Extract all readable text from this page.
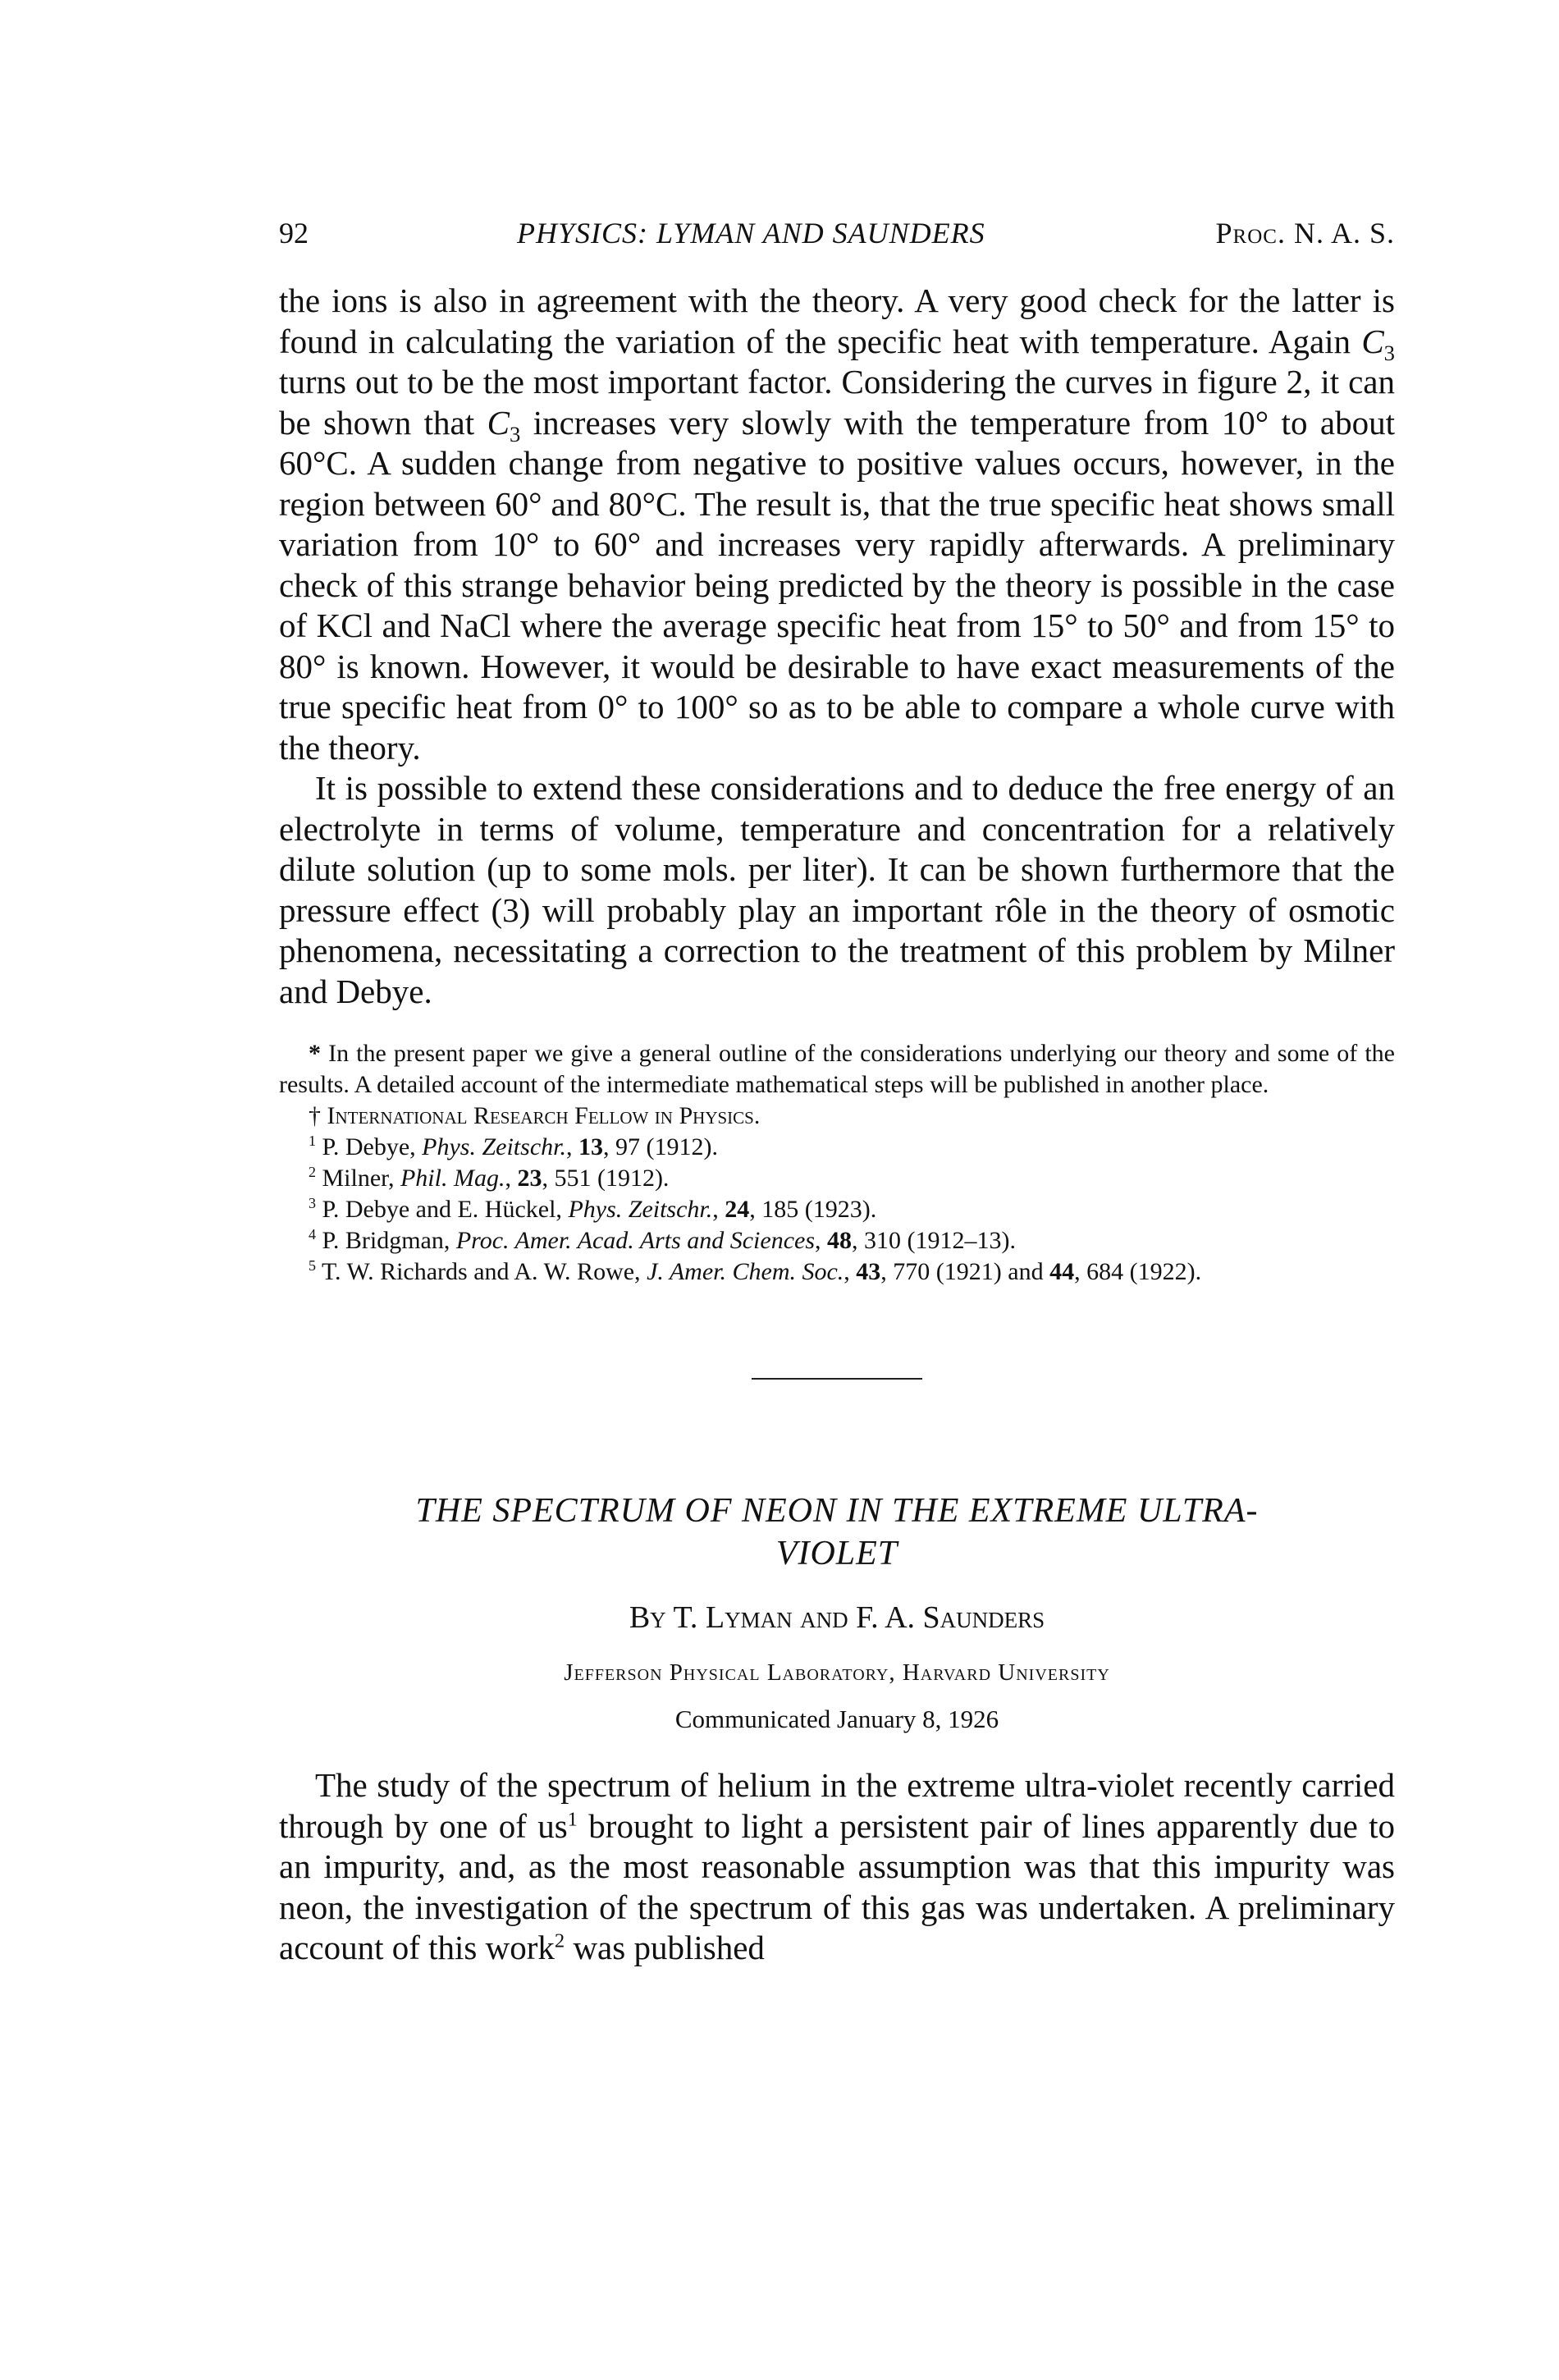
92	PHYSICS: LYMAN AND SAUNDERS	Proc. N. A. S.

the ions is also in agreement with the theory. A very good check for the latter is found in calculating the variation of the specific heat with temperature. Again $C_3$ turns out to be the most important factor. Considering the curves in figure 2, it can be shown that $C_3$ increases very slowly with the temperature from 10° to about 60°C. A sudden change from negative to positive values occurs, however, in the region between 60° and 80°C. The result is, that the true specific heat shows small variation from 10° to 60° and increases very rapidly afterwards. A preliminary check of this strange behavior being predicted by the theory is possible in the case of KCl and NaCl where the average specific heat from 15° to 50° and from 15° to 80° is known. However, it would be desirable to have exact measurements of the true specific heat from 0° to 100° so as to be able to compare a whole curve with the theory.

It is possible to extend these considerations and to deduce the free energy of an electrolyte in terms of volume, temperature and concentration for a relatively dilute solution (up to some mols. per liter). It can be shown furthermore that the pressure effect (3) will probably play an important rôle in the theory of osmotic phenomena, necessitating a correction to the treatment of this problem by Milner and Debye.

* In the present paper we give a general outline of the considerations underlying our theory and some of the results. A detailed account of the intermediate mathematical steps will be published in another place.

† International Research Fellow in Physics.

$^1$ P. Debye, Phys. Zeitschr., 13, 97 (1912).

$^2$ Milner, Phil. Mag., 23, 551 (1912).

$^3$ P. Debye and E. Hückel, Phys. Zeitschr., 24, 185 (1923).

$^4$ P. Bridgman, Proc. Amer. Acad. Arts and Sciences, 48, 310 (1912–13).

$^5$ T. W. Richards and A. W. Rowe, J. Amer. Chem. Soc., 43, 770 (1921) and 44, 684 (1922).

THE SPECTRUM OF NEON IN THE EXTREME ULTRA-
VIOLET
By T. Lyman and F. A. Saunders
Jefferson Physical Laboratory, Harvard University
Communicated January 8, 1926

The study of the spectrum of helium in the extreme ultra-violet recently carried through by one of $us^1$ brought to light a persistent pair of lines apparently due to an impurity, and, as the most reasonable assumption was that this impurity was neon, the investigation of the spectrum of this gas was undertaken. A preliminary account of this work$^2$ was published
